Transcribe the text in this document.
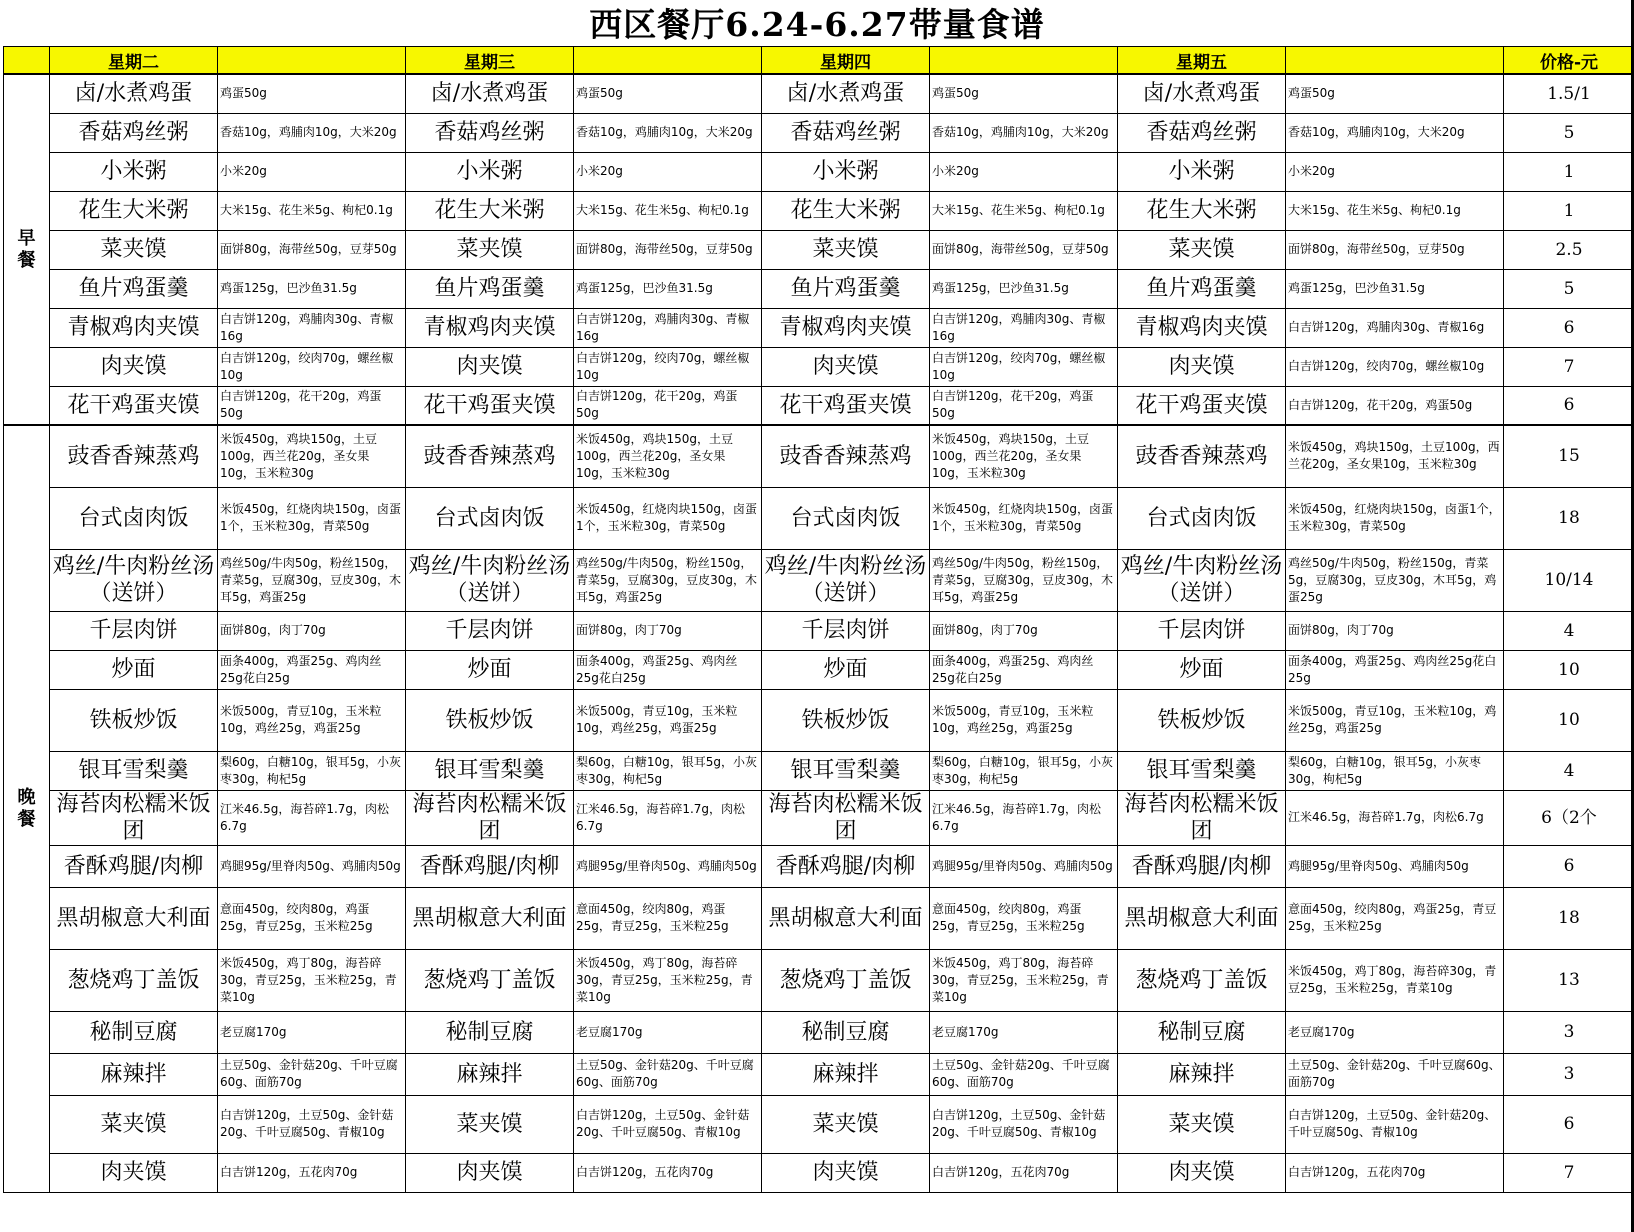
西区餐厅6.24-6.27带量食谱
	星期二		星期三		星期四		星期五		价格-元

早
餐	卤/水煮鸡蛋	鸡蛋50g	卤/水煮鸡蛋	鸡蛋50g	卤/水煮鸡蛋	鸡蛋50g	卤/水煮鸡蛋	鸡蛋50g	1.5/1
	香菇鸡丝粥	香菇10g，鸡脯肉10g，大米20g	香菇鸡丝粥	香菇10g，鸡脯肉10g，大米20g	香菇鸡丝粥	香菇10g，鸡脯肉10g，大米20g	香菇鸡丝粥	香菇10g，鸡脯肉10g，大米20g	5
	小米粥	小米20g	小米粥	小米20g	小米粥	小米20g	小米粥	小米20g	1
	花生大米粥	大米15g、花生米5g、枸杞0.1g	花生大米粥	大米15g、花生米5g、枸杞0.1g	花生大米粥	大米15g、花生米5g、枸杞0.1g	花生大米粥	大米15g、花生米5g、枸杞0.1g	1
	菜夹馍	面饼80g，海带丝50g，豆芽50g	菜夹馍	面饼80g，海带丝50g，豆芽50g	菜夹馍	面饼80g，海带丝50g，豆芽50g	菜夹馍	面饼80g，海带丝50g，豆芽50g	2.5
	鱼片鸡蛋羹	鸡蛋125g，巴沙鱼31.5g	鱼片鸡蛋羹	鸡蛋125g，巴沙鱼31.5g	鱼片鸡蛋羹	鸡蛋125g，巴沙鱼31.5g	鱼片鸡蛋羹	鸡蛋125g，巴沙鱼31.5g	5
	青椒鸡肉夹馍	白吉饼120g，鸡脯肉30g、青椒16g	青椒鸡肉夹馍	白吉饼120g，鸡脯肉30g、青椒16g	青椒鸡肉夹馍	白吉饼120g，鸡脯肉30g、青椒16g	青椒鸡肉夹馍	白吉饼120g，鸡脯肉30g、青椒16g	6
	肉夹馍	白吉饼120g，绞肉70g，螺丝椒10g	肉夹馍	白吉饼120g，绞肉70g，螺丝椒10g	肉夹馍	白吉饼120g，绞肉70g，螺丝椒10g	肉夹馍	白吉饼120g，绞肉70g，螺丝椒10g	7
	花干鸡蛋夹馍	白吉饼120g，花干20g，鸡蛋50g	花干鸡蛋夹馍	白吉饼120g，花干20g，鸡蛋50g	花干鸡蛋夹馍	白吉饼120g，花干20g，鸡蛋50g	花干鸡蛋夹馍	白吉饼120g，花干20g，鸡蛋50g	6

晚
餐	豉香香辣蒸鸡	米饭450g，鸡块150g，土豆100g，西兰花20g，圣女果10g，玉米粒30g	豉香香辣蒸鸡	米饭450g，鸡块150g，土豆100g，西兰花20g，圣女果10g，玉米粒30g	豉香香辣蒸鸡	米饭450g，鸡块150g，土豆100g，西兰花20g，圣女果10g，玉米粒30g	豉香香辣蒸鸡	米饭450g，鸡块150g，土豆100g，西兰花20g，圣女果10g，玉米粒30g	15
	台式卤肉饭	米饭450g，红烧肉块150g，卤蛋1个，玉米粒30g，青菜50g	台式卤肉饭	米饭450g，红烧肉块150g，卤蛋1个，玉米粒30g，青菜50g	台式卤肉饭	米饭450g，红烧肉块150g，卤蛋1个，玉米粒30g，青菜50g	台式卤肉饭	米饭450g，红烧肉块150g，卤蛋1个，玉米粒30g，青菜50g	18
	鸡丝/牛肉粉丝汤（送饼）	鸡丝50g/牛肉50g，粉丝150g，青菜5g，豆腐30g，豆皮30g，木耳5g，鸡蛋25g	鸡丝/牛肉粉丝汤（送饼）	鸡丝50g/牛肉50g，粉丝150g，青菜5g，豆腐30g，豆皮30g，木耳5g，鸡蛋25g	鸡丝/牛肉粉丝汤（送饼）	鸡丝50g/牛肉50g，粉丝150g，青菜5g，豆腐30g，豆皮30g，木耳5g，鸡蛋25g	鸡丝/牛肉粉丝汤（送饼）	鸡丝50g/牛肉50g，粉丝150g，青菜5g，豆腐30g，豆皮30g，木耳5g，鸡蛋25g	10/14
	千层肉饼	面饼80g，肉丁70g	千层肉饼	面饼80g，肉丁70g	千层肉饼	面饼80g，肉丁70g	千层肉饼	面饼80g，肉丁70g	4
	炒面	面条400g，鸡蛋25g、鸡肉丝25g花白25g	炒面	面条400g，鸡蛋25g、鸡肉丝25g花白25g	炒面	面条400g，鸡蛋25g、鸡肉丝25g花白25g	炒面	面条400g，鸡蛋25g、鸡肉丝25g花白25g	10
	铁板炒饭	米饭500g，青豆10g，玉米粒10g，鸡丝25g，鸡蛋25g	铁板炒饭	米饭500g，青豆10g，玉米粒10g，鸡丝25g，鸡蛋25g	铁板炒饭	米饭500g，青豆10g，玉米粒10g，鸡丝25g，鸡蛋25g	铁板炒饭	米饭500g，青豆10g，玉米粒10g，鸡丝25g，鸡蛋25g	10
	银耳雪梨羹	梨60g，白糖10g，银耳5g，小灰枣30g，枸杞5g	银耳雪梨羹	梨60g，白糖10g，银耳5g，小灰枣30g，枸杞5g	银耳雪梨羹	梨60g，白糖10g，银耳5g，小灰枣30g，枸杞5g	银耳雪梨羹	梨60g，白糖10g，银耳5g，小灰枣30g，枸杞5g	4
	海苔肉松糯米饭团	江米46.5g，海苔碎1.7g，肉松6.7g	海苔肉松糯米饭团	江米46.5g，海苔碎1.7g，肉松6.7g	海苔肉松糯米饭团	江米46.5g，海苔碎1.7g，肉松6.7g	海苔肉松糯米饭团	江米46.5g，海苔碎1.7g，肉松6.7g	6（2个
	香酥鸡腿/肉柳	鸡腿95g/里脊肉50g、鸡脯肉50g	香酥鸡腿/肉柳	鸡腿95g/里脊肉50g、鸡脯肉50g	香酥鸡腿/肉柳	鸡腿95g/里脊肉50g、鸡脯肉50g	香酥鸡腿/肉柳	鸡腿95g/里脊肉50g、鸡脯肉50g	6
	黑胡椒意大利面	意面450g，绞肉80g，鸡蛋25g，青豆25g，玉米粒25g	黑胡椒意大利面	意面450g，绞肉80g，鸡蛋25g，青豆25g，玉米粒25g	黑胡椒意大利面	意面450g，绞肉80g，鸡蛋25g，青豆25g，玉米粒25g	黑胡椒意大利面	意面450g，绞肉80g，鸡蛋25g，青豆25g，玉米粒25g	18
	葱烧鸡丁盖饭	米饭450g，鸡丁80g，海苔碎30g，青豆25g，玉米粒25g，青菜10g	葱烧鸡丁盖饭	米饭450g，鸡丁80g，海苔碎30g，青豆25g，玉米粒25g，青菜10g	葱烧鸡丁盖饭	米饭450g，鸡丁80g，海苔碎30g，青豆25g，玉米粒25g，青菜10g	葱烧鸡丁盖饭	米饭450g，鸡丁80g，海苔碎30g，青豆25g，玉米粒25g，青菜10g	13
	秘制豆腐	老豆腐170g	秘制豆腐	老豆腐170g	秘制豆腐	老豆腐170g	秘制豆腐	老豆腐170g	3
	麻辣拌	土豆50g、金针菇20g、千叶豆腐60g、面筋70g	麻辣拌	土豆50g、金针菇20g、千叶豆腐60g、面筋70g	麻辣拌	土豆50g、金针菇20g、千叶豆腐60g、面筋70g	麻辣拌	土豆50g、金针菇20g、千叶豆腐60g、面筋70g	3
	菜夹馍	白吉饼120g，土豆50g、金针菇20g、千叶豆腐50g、青椒10g	菜夹馍	白吉饼120g，土豆50g、金针菇20g、千叶豆腐50g、青椒10g	菜夹馍	白吉饼120g，土豆50g、金针菇20g、千叶豆腐50g、青椒10g	菜夹馍	白吉饼120g，土豆50g、金针菇20g、千叶豆腐50g、青椒10g	6
	肉夹馍	白吉饼120g，五花肉70g	肉夹馍	白吉饼120g，五花肉70g	肉夹馍	白吉饼120g，五花肉70g	肉夹馍	白吉饼120g，五花肉70g	7
